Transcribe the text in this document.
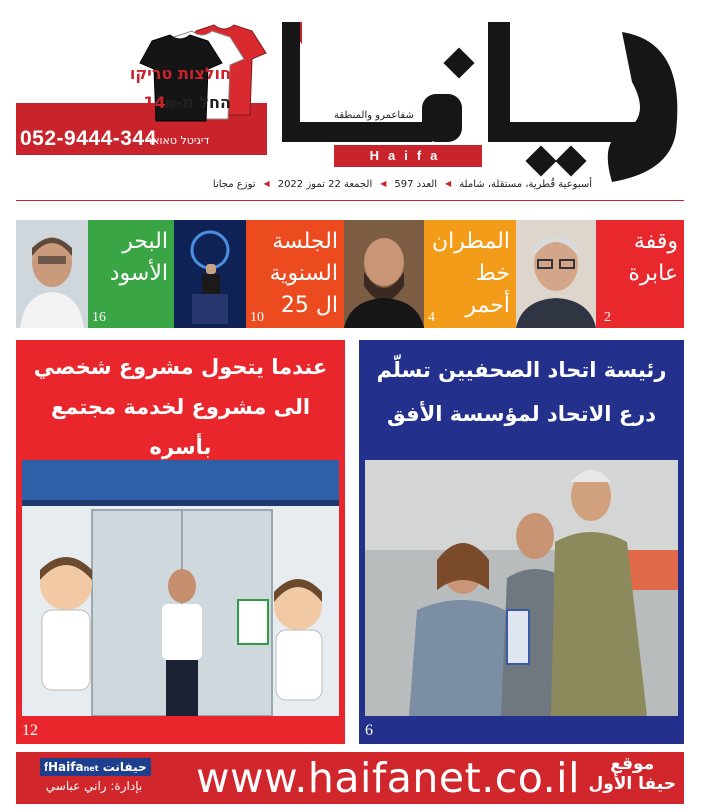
חולצות טריקו
החל מ-14₪
דיגיטל טאואר
052-9444-344
شفاعمرو والمنطقة
Haifa
أسبوعية قُطرية، مستقلة، شاملة
◀
العدد 597
◀
الجمعة 22 تموز 2022
◀
توزع مجانا
البحر
الأسود
16
الجلسة
السنوية
ال 25
10
المطران
خط أحمر
4
وقفة
عابرة
2
عندما يتحول مشروع شخصي
الى مشروع لخدمة مجتمع بأسره
12
رئيسة اتحاد الصحفيين تسلّم
درع الاتحاد لمؤسسة الأفق
6
fHaifanet حيفانت
بإدارة: راني عباسي	www.haifanet.co.il	موقع
حيفا الأول
